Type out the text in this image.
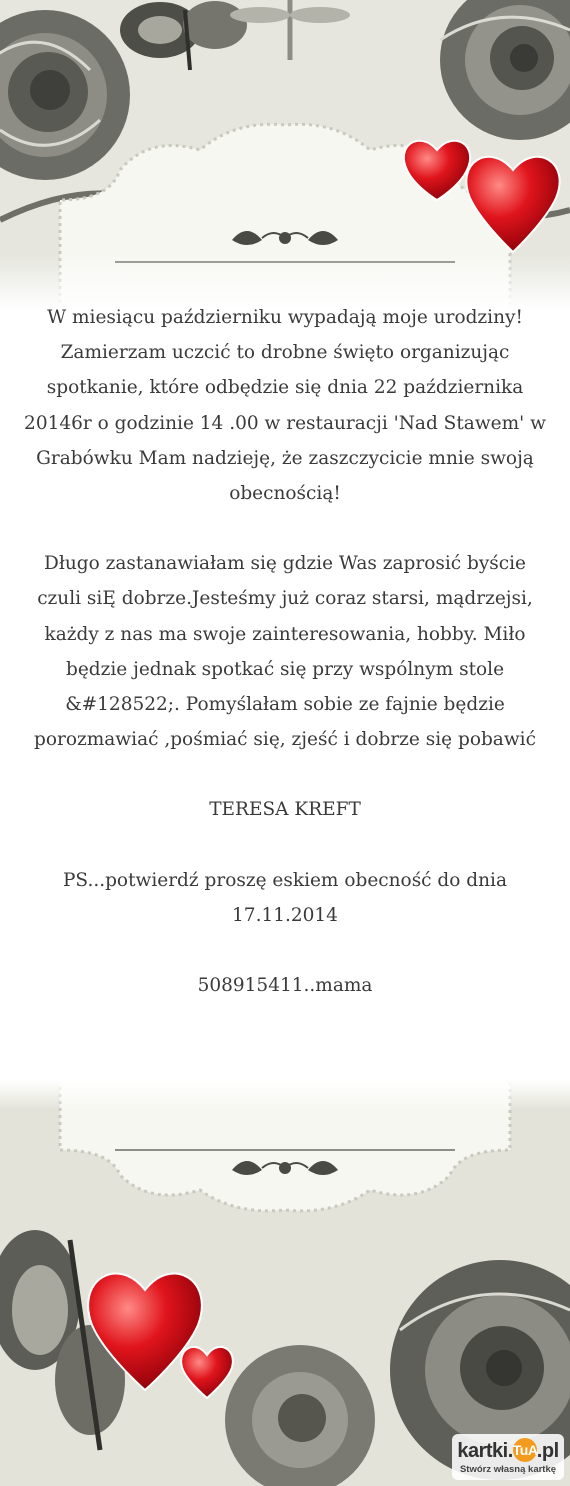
kartki.TuA.pl
Stwórz własną kartkę

W miesiącu październiku wypadają moje urodziny!

Zamierzam uczcić to drobne święto organizując spotkanie, które odbędzie się dnia 22 października 20146r o godzinie 14 .00 w restauracji 'Nad Stawem' w Grabówku Mam nadzieję, że zaszczycicie mnie swoją obecnością!

Długo zastanawiałam się gdzie Was zaprosić byście czuli siĘ dobrze.Jesteśmy już coraz starsi, mądrzejsi, każdy z nas ma swoje zainteresowania, hobby. Miło będzie jednak spotkać się przy wspólnym stole &#128522;. Pomyślałam sobie ze fajnie będzie porozmawiać ,pośmiać się, zjeść i dobrze się pobawić

TERESA KREFT

PS...potwierdź proszę eskiem obecność do dnia 17.11.2014

508915411..mama
